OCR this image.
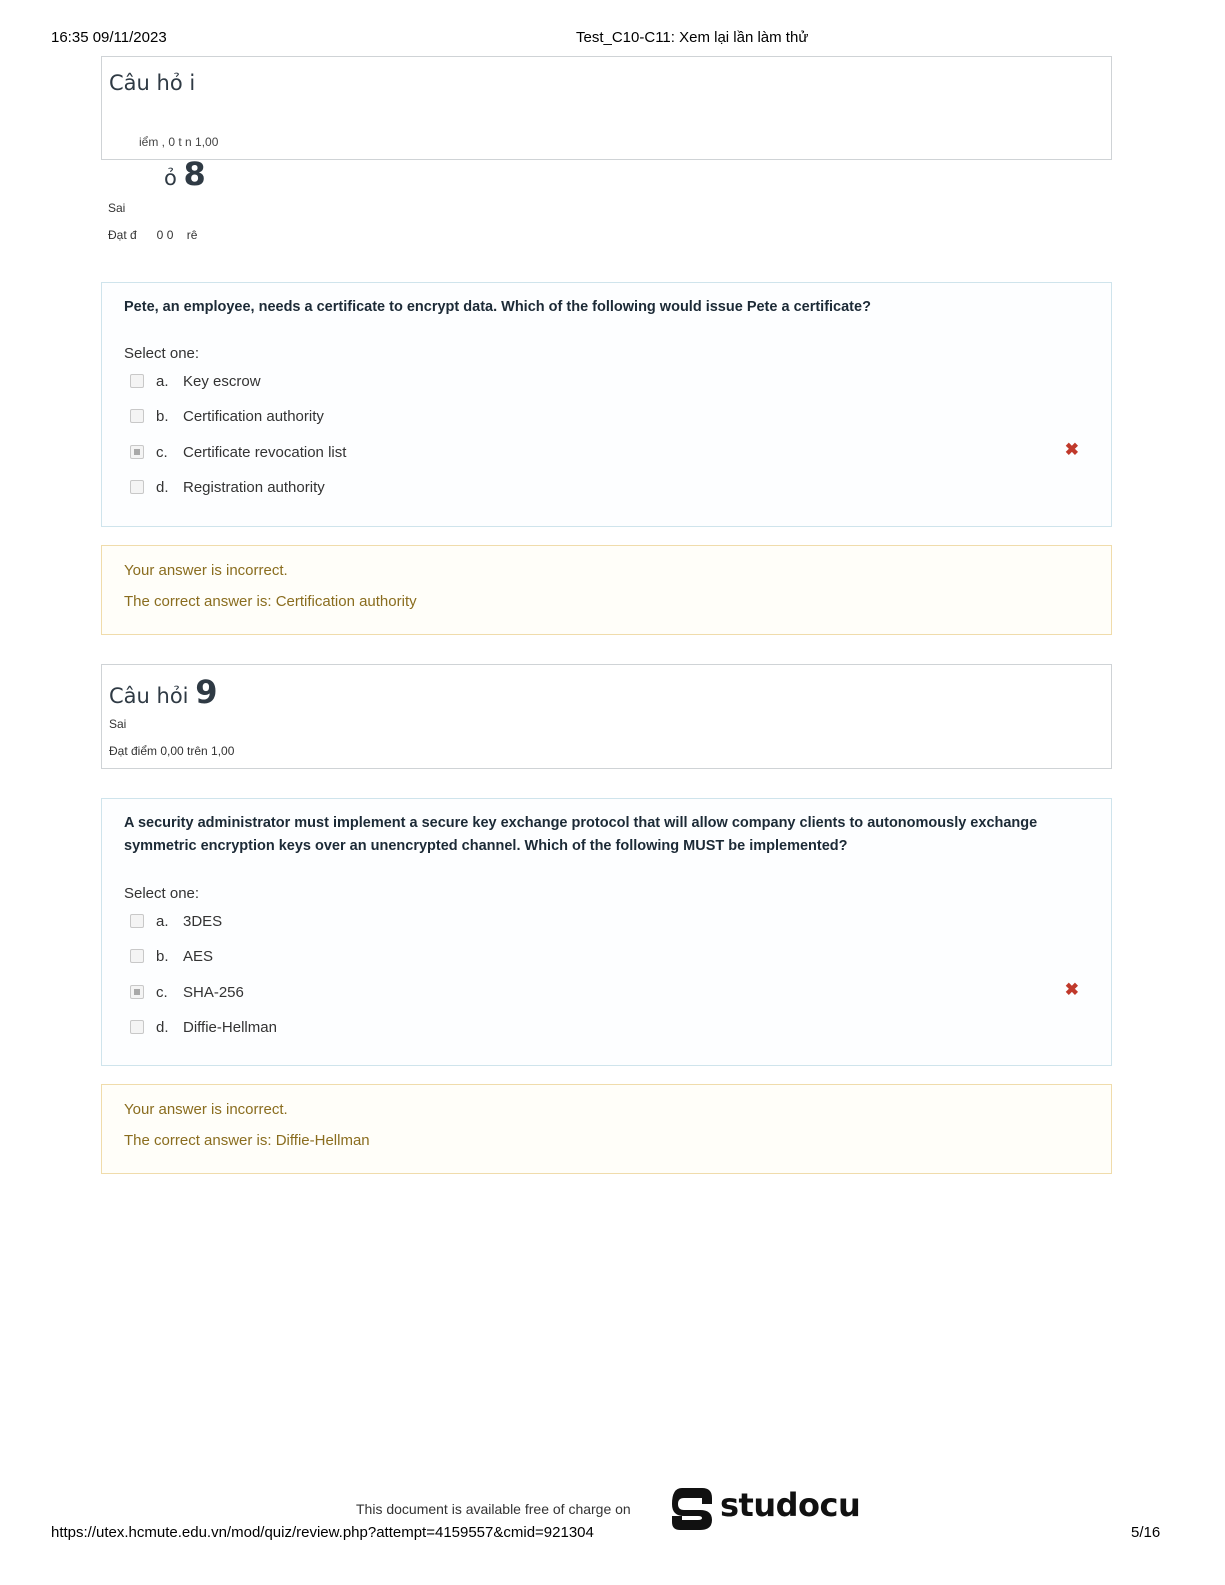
16:35 09/11/2023	Test_C10-C11: Xem lại lần làm thử
Câu hỏ i
iểm , 0 t n 1,00
ỏ 8
Sai
Đạt đ      0 0    rê
Pete, an employee, needs a certificate to encrypt data. Which of the following would issue Pete a certificate?
Select one:
a. Key escrow
b. Certification authority
c.	Certificate revocation list
d. Registration authority
✖
Your answer is incorrect.
The correct answer is: Certification authority
Câu hỏi 9
Sai
Đạt điểm 0,00 trên 1,00
A security administrator must implement a secure key exchange protocol that will allow company clients to autonomously exchange symmetric encryption keys over an unencrypted channel. Which of the following MUST be implemented?
Select one:
a. 3DES
b. AES
c.	SHA-256
d. Diffie-Hellman
✖
Your answer is incorrect.
The correct answer is: Diffie-Hellman
This document is available free of charge on	studocu
https://utex.hcmute.edu.vn/mod/quiz/review.php?attempt=4159557&cmid=921304	5/16
